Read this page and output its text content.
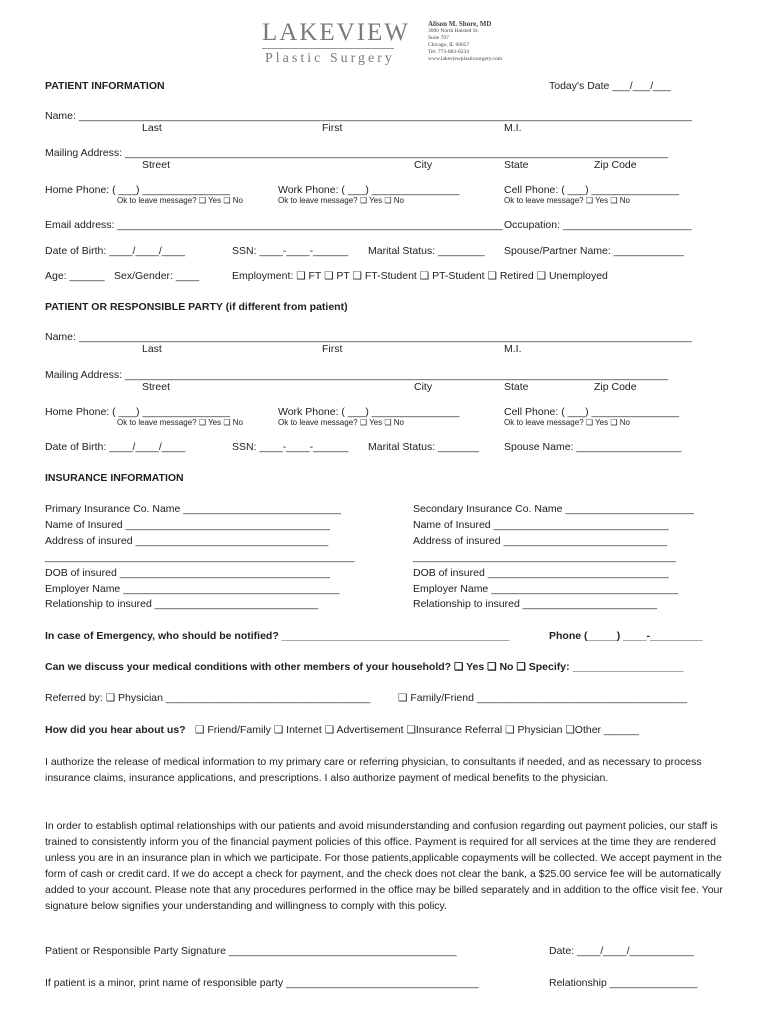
LAKEVIEW
Plastic Surgery
Alison M. Shore, MD
3000 North Halsted St.
Suite 707
Chicago, IL 60657
Tel: 773-883-8234
www.lakeviewplasticsurgery.com
PATIENT INFORMATION	Today's Date ___/___/___
Name: _________________________________________________________________________________________________________
Last	First	M.I.
Mailing Address: _____________________________________________________________________________________________
Street	City	State	Zip Code
Home Phone: ( ___) _______________	Work Phone: ( ___) _______________	Cell Phone: ( ___) _______________
Ok to leave message? ❑ Yes ❑ No	Ok to leave message? ❑ Yes ❑ No	Ok to leave message? ❑ Yes ❑ No
Email address: __________________________________________________________________ Occupation: ______________________
Date of Birth: ____/____/____	SSN: ____-____-______ Marital Status: ________ Spouse/Partner Name: ____________
Age: ______ Sex/Gender: ____	Employment: ❑ FT ❑ PT ❑ FT-Student ❑ PT-Student ❑ Retired ❑ Unemployed
PATIENT OR RESPONSIBLE PARTY (if different from patient)
Name: _________________________________________________________________________________________________________
Last	First	M.I.
Mailing Address: _____________________________________________________________________________________________
Street	City	State	Zip Code
Home Phone: ( ___) _______________	Work Phone: ( ___) _______________	Cell Phone: ( ___) _______________
Ok to leave message? ❑ Yes ❑ No	Ok to leave message? ❑ Yes ❑ No	Ok to leave message? ❑ Yes ❑ No
Date of Birth: ____/____/____	SSN: ____-____-______ Marital Status: _______ Spouse Name: __________________
INSURANCE INFORMATION
Primary Insurance Co. Name ___________________________
Name of Insured ___________________________________
Address of insured _________________________________
_____________________________________________________
DOB of insured ____________________________________
Employer Name _____________________________________
Relationship to insured ____________________________
Secondary Insurance Co. Name ______________________
Name of Insured ______________________________
Address of insured ____________________________
_____________________________________________
DOB of insured _______________________________
Employer Name ________________________________
Relationship to insured _______________________
In case of Emergency, who should be notified? _______________________________________	Phone (_____) ____-_________
Can we discuss your medical conditions with other members of your household? ❑ Yes ❑ No ❑ Specify: ___________________
Referred by: ❑ Physician ___________________________________	❑ Family/Friend ____________________________________
How did you hear about us? ❑ Friend/Family ❑ Internet ❑ Advertisement ❑Insurance Referral ❑ Physician ❑Other ______
I authorize the release of medical information to my primary care or referring physician, to consultants if needed, and as necessary to process insurance claims, insurance applications, and prescriptions. I also authorize payment of medical benefits to the physician.
In order to establish optimal relationships with our patients and avoid misunderstanding and confusion regarding out payment policies, our staff is trained to consistently inform you of the financial payment policies of this office. Payment is required for all services at the time they are rendered unless you are in an insurance plan in which we participate. For those patients,applicable copayments will be collected. We accept payment in the form of cash or credit card. If we do accept a check for payment, and the check does not clear the bank, a $25.00 service fee will be automatically added to your account. Please note that any procedures performed in the office may be billed separately and in addition to the office visit fee. Your signature below signifies your understanding and willingness to comply with this policy.
Patient or Responsible Party Signature _______________________________________	Date: ____/____/___________
If patient is a minor, print name of responsible party _________________________________	Relationship _______________
